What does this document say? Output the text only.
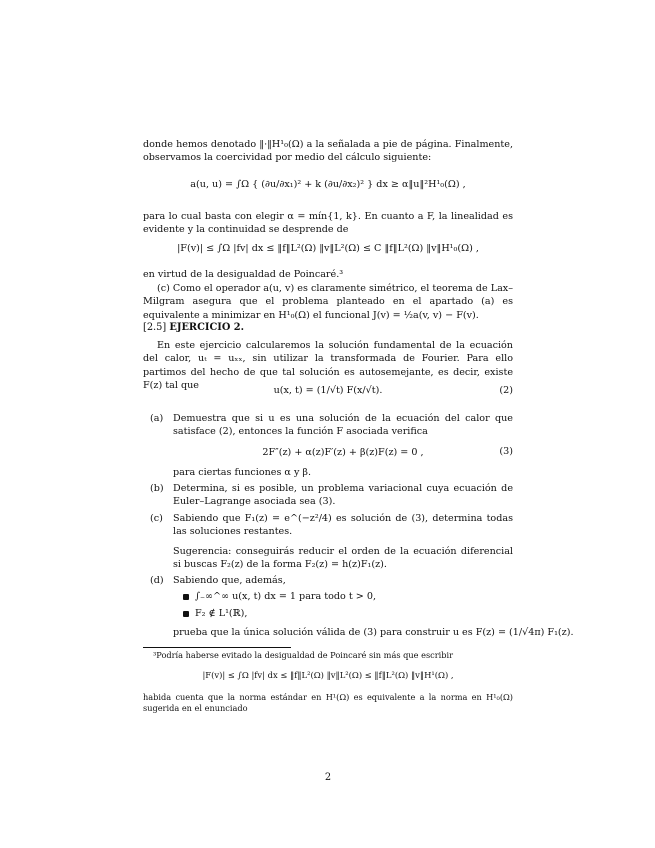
donde hemos denotado ‖·‖H¹₀(Ω) a la señalada a pie de página. Finalmente, observamos la coercividad por medio del cálculo siguiente:
a(u, u) = ∫Ω { (∂u/∂x₁)² + k (∂u/∂x₂)² } dx ≥ α‖u‖²H¹₀(Ω) ,
para lo cual basta con elegir α = mín{1, k}. En cuanto a F, la linealidad es evidente y la continuidad se desprende de
|F(v)| ≤ ∫Ω |fv| dx ≤ ‖f‖L²(Ω) ‖v‖L²(Ω) ≤ C ‖f‖L²(Ω) ‖v‖H¹₀(Ω) ,
en virtud de la desigualdad de Poincaré.³
(c) Como el operador a(u, v) es claramente simétrico, el teorema de Lax–Milgram asegura que el problema planteado en el apartado (a) es equivalente a minimizar en H¹₀(Ω) el funcional J(v) = ½a(v, v) − F(v).
[2.5] EJERCICIO 2.
En este ejercicio calcularemos la solución fundamental de la ecuación del calor, uₜ = uₓₓ, sin utilizar la transformada de Fourier. Para ello partimos del hecho de que tal solución es autosemejante, es decir, existe F(z) tal que	u(x, t) = (1/√t) F(x/√t).	(2)
(a)	Demuestra que si u es una solución de la ecuación del calor que satisface (2), entonces la función F asociada verifica
2F″(z) + α(z)F′(z) + β(z)F(z) = 0 ,	(3)
para ciertas funciones α y β.
(b) Determina, si es posible, un problema variacional cuya ecuación de Euler–Lagrange asociada sea (3).
(c)	Sabiendo que F₁(z) = e^(−z²/4) es solución de (3), determina todas las soluciones restantes.
Sugerencia: conseguirás reducir el orden de la ecuación diferencial si buscas F₂(z) de la forma F₂(z) = h(z)F₁(z).
(d) Sabiendo que, además,
∫₋∞^∞ u(x, t) dx = 1 para todo t > 0,
F₂ ∉ L¹(ℝ),
prueba que la única solución válida de (3) para construir u es F(z) = (1/√4π) F₁(z).
³Podría haberse evitado la desigualdad de Poincaré sin más que escribir
|F(v)| ≤ ∫Ω |fv| dx ≤ ‖f‖L²(Ω) ‖v‖L²(Ω) ≤ ‖f‖L²(Ω) ‖v‖H¹(Ω) ,
habida cuenta que la norma estándar en H¹(Ω) es equivalente a la norma en H¹₀(Ω) sugerida en el enunciado
2
